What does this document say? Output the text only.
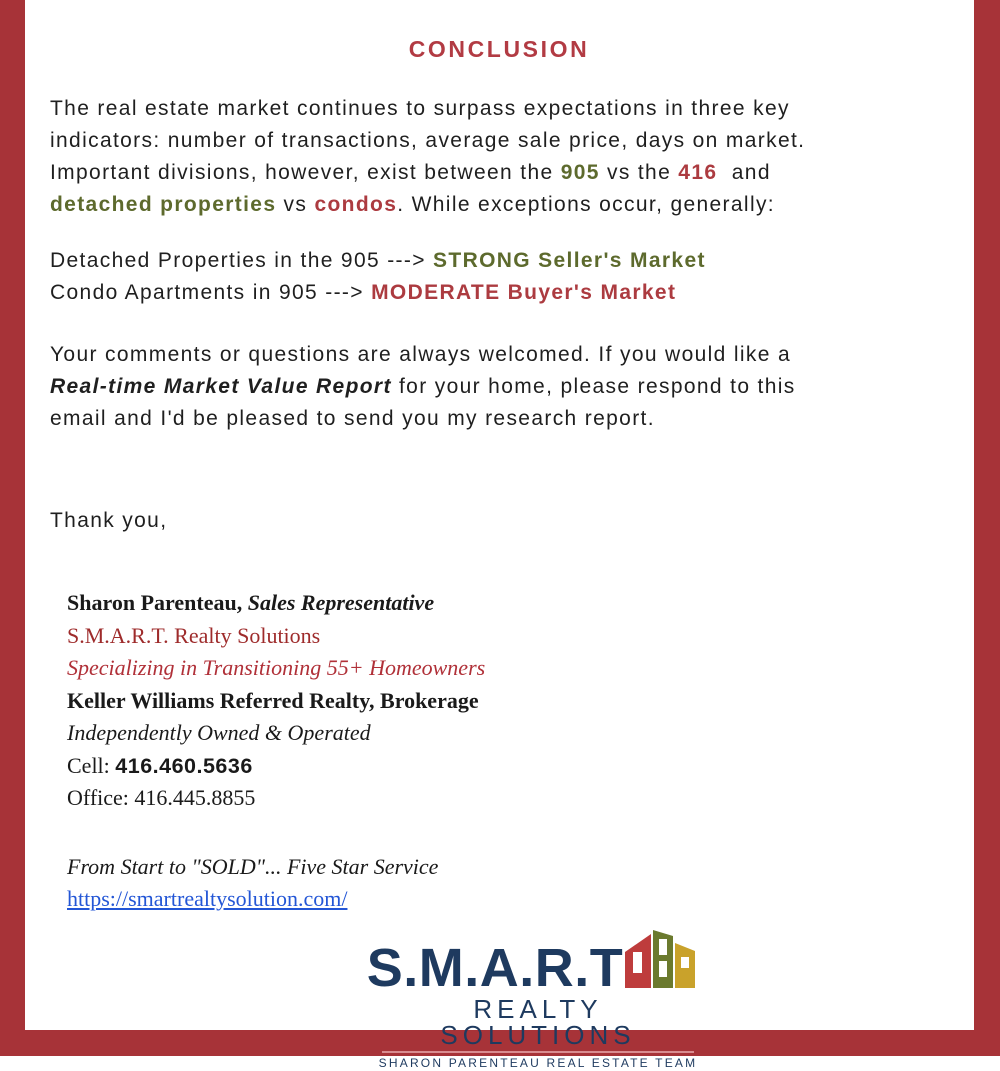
CONCLUSION
The real estate market continues to surpass expectations in three key
indicators: number of transactions, average sale price, days on market.
Important divisions, however, exist between the 905 vs the 416  and
detached properties vs condos. While exceptions occur, generally:
Detached Properties in the 905 ---> STRONG Seller's Market
Condo Apartments in 905 ---> MODERATE Buyer's Market
Your comments or questions are always welcomed. If you would like a
Real-time Market Value Report for your home, please respond to this
email and I'd be pleased to send you my research report.
Thank you,
Sharon Parenteau, Sales Representative
S.M.A.R.T. Realty Solutions
Specializing in Transitioning 55+ Homeowners
Keller Williams Referred Realty, Brokerage
Independently Owned & Operated
Cell: 416.460.5636
Office: 416.445.8855
From Start to "SOLD"... Five Star Service
https://smartrealtysolution.com/
S.M.A.R.T
REALTY SOLUTIONS
SHARON PARENTEAU REAL ESTATE TEAM
